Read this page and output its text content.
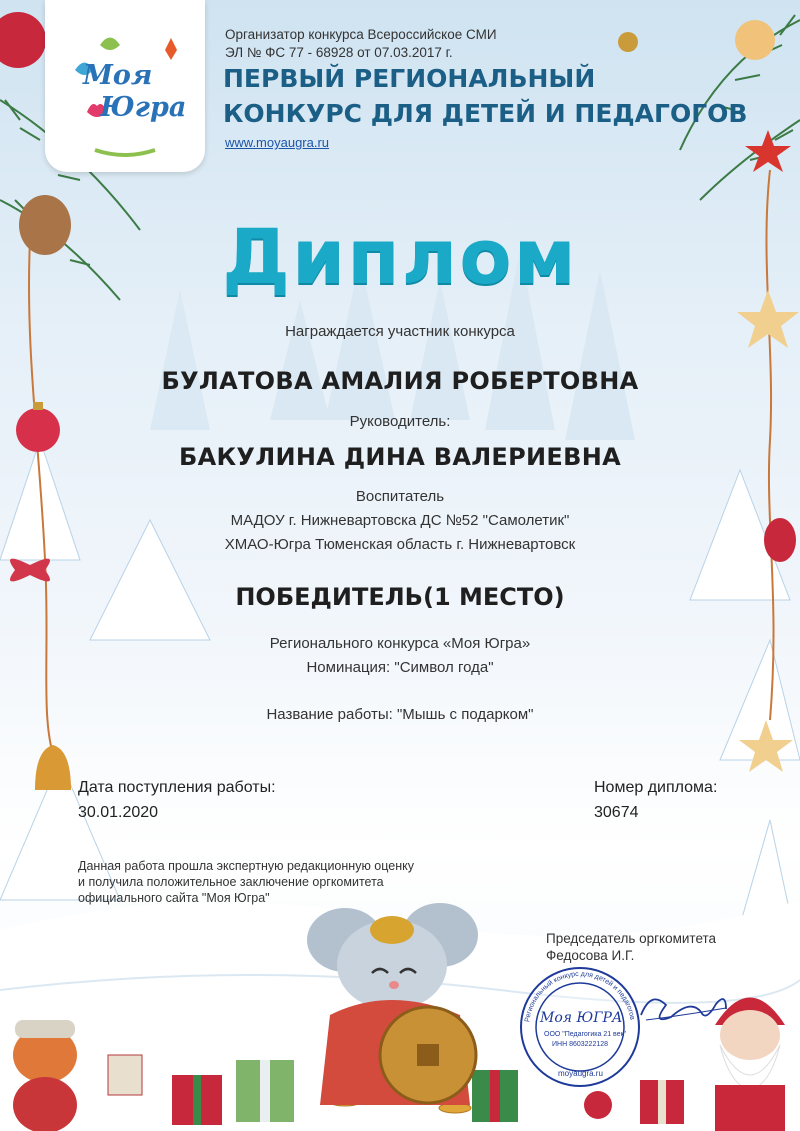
Моя
Югра
Организатор конкурса Всероссийское СМИ
ЭЛ № ФС 77 - 68928 от 07.03.2017 г.
ПЕРВЫЙ РЕГИОНАЛЬНЫЙ
КОНКУРС ДЛЯ ДЕТЕЙ И ПЕДАГОГОВ
www.moyaugra.ru
Диплом
Награждается участник конкурса
БУЛАТОВА АМАЛИЯ РОБЕРТОВНА
Руководитель:
БАКУЛИНА ДИНА ВАЛЕРИЕВНА
Воспитатель
МАДОУ г. Нижневартовска ДС №52 "Самолетик"
ХМАО-Югра Тюменская область г. Нижневартовск
ПОБЕДИТЕЛЬ(1 МЕСТО)
Регионального конкурса «Моя Югра»
Номинация: "Символ года"
Название работы: "Мышь с подарком"
Дата поступления работы:
30.01.2020
Номер диплома:
30674
Данная работа прошла экспертную редакционную оценку
и получила положительное заключение оргкомитета
официального сайта "Моя Югра"
Председатель оргкомитета
Федосова И.Г.
Региональный конкурс для детей и педагогов
Моя ЮГРА
ООО "Педагогика 21 век"
ИНН 8603222128
moyaugra.ru
